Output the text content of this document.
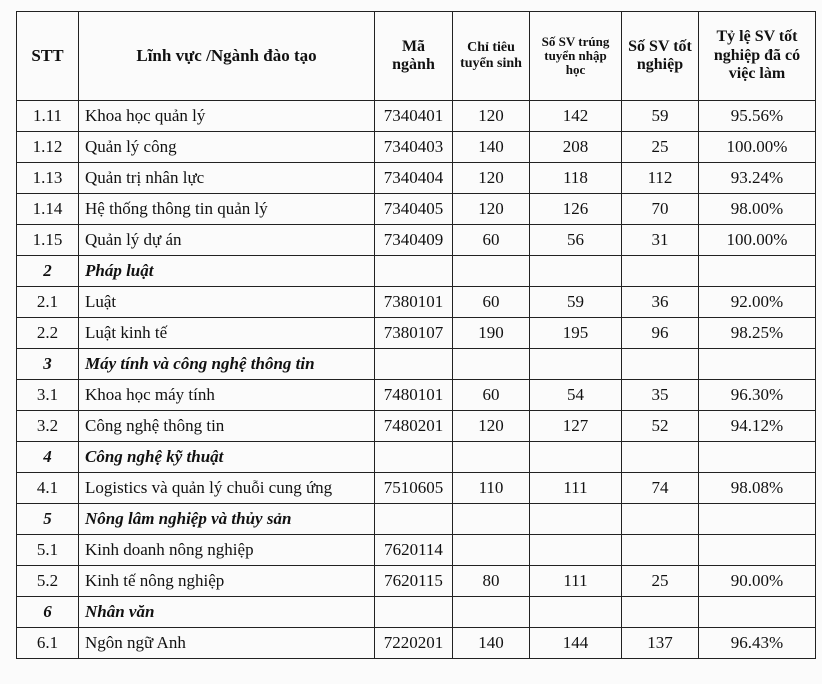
STT	Lĩnh vực /Ngành đào tạo	Mã ngành	Chỉ tiêu tuyển sinh	Số SV trúng tuyển nhập học	Số SV tốt nghiệp	Tỷ lệ SV tốt nghiệp đã có việc làm
1.11	Khoa học quản lý	7340401	120	142	59	95.56%
1.12	Quản lý công	7340403	140	208	25	100.00%
1.13	Quản trị nhân lực	7340404	120	118	112	93.24%
1.14	Hệ thống thông tin quản lý	7340405	120	126	70	98.00%
1.15	Quản lý dự án	7340409	60	56	31	100.00%
2	Pháp luật					
2.1	Luật	7380101	60	59	36	92.00%
2.2	Luật kinh tế	7380107	190	195	96	98.25%
3	Máy tính và công nghệ thông tin					
3.1	Khoa học máy tính	7480101	60	54	35	96.30%
3.2	Công nghệ thông tin	7480201	120	127	52	94.12%
4	Công nghệ kỹ thuật					
4.1	Logistics và quản lý chuỗi cung ứng	7510605	110	111	74	98.08%
5	Nông lâm nghiệp và thủy sản					
5.1	Kinh doanh nông nghiệp	7620114				
5.2	Kinh tế nông nghiệp	7620115	80	111	25	90.00%
6	Nhân văn					
6.1	Ngôn ngữ Anh	7220201	140	144	137	96.43%
